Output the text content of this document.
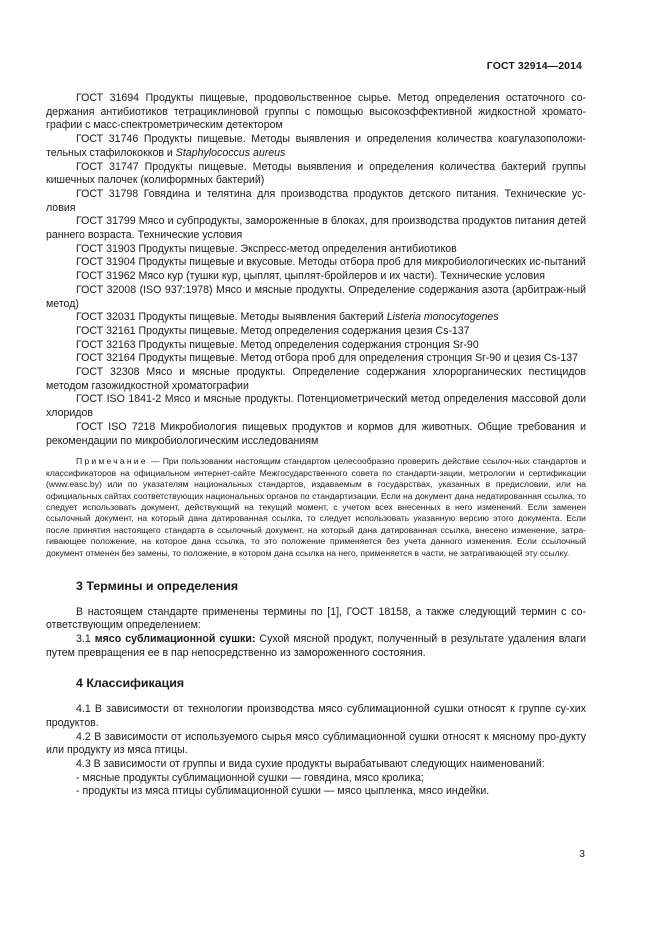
ГОСТ 32914—2014

ГОСТ 31694 Продукты пищевые, продовольственное сырье. Метод определения остаточного со-держания антибиотиков тетрациклиновой группы с помощью высокоэффективной жидкостной хромато-графии с масс-спектрометрическим детектором

ГОСТ 31746 Продукты пищевые. Методы выявления и определения количества коагулазоположи-тельных стафилококков и Staphylococcus aureus

ГОСТ 31747 Продукты пищевые. Методы выявления и определения количества бактерий группы кишечных палочек (колиформных бактерий)

ГОСТ 31798 Говядина и телятина для производства продуктов детского питания. Технические ус-ловия

ГОСТ 31799 Мясо и субпродукты, замороженные в блоках, для производства продуктов питания детей раннего возраста. Технические условия

ГОСТ 31903 Продукты пищевые. Экспресс-метод определения антибиотиков

ГОСТ 31904 Продукты пищевые и вкусовые. Методы отбора проб для микробиологических ис-пытаний

ГОСТ 31962 Мясо кур (тушки кур, цыплят, цыплят-бройлеров и их части). Технические условия

ГОСТ 32008 (ISO 937:1978) Мясо и мясные продукты. Определение содержания азота (арбитраж-ный метод)

ГОСТ 32031 Продукты пищевые. Методы выявления бактерий Listeria monocytogenes

ГОСТ 32161 Продукты пищевые. Метод определения содержания цезия Cs-137

ГОСТ 32163 Продукты пищевые. Метод определения содержания стронция Sr-90

ГОСТ 32164 Продукты пищевые. Метод отбора проб для определения стронция Sr-90 и цезия Cs-137

ГОСТ 32308 Мясо и мясные продукты. Определение содержания хлорорганических пестицидов методом газожидкостной хроматографии

ГОСТ ISO 1841-2 Мясо и мясные продукты. Потенциометрический метод определения массовой доли хлоридов

ГОСТ ISO 7218 Микробиология пищевых продуктов и кормов для животных. Общие требования и рекомендации по микробиологическим исследованиям

Примечание — При пользовании настоящим стандартом целесообразно проверить действие ссылоч-ных стандартов и классификаторов на официальном интернет-сайте Межгосударственного совета по стандарти-зации, метрологии и сертификации (www.easc.by) или по указателям национальных стандартов, издаваемым в государствах, указанных в предисловии, или на официальных сайтах соответствующих национальных органов по стандартизации. Если на документ дана недатированная ссылка, то следует использовать документ, действующий на текущий момент, с учетом всех внесенных в него изменений. Если заменен ссылочный документ, на который дана датированная ссылка, то следует использовать указанную версию этого документа. Если после принятия настоящего стандарта в ссылочный документ, на который дана датированная ссылка, внесено изменение, затра-гивающее положение, на которое дана ссылка, то это положение применяется без учета данного изменения. Если ссылочный документ отменен без замены, то положение, в котором дана ссылка на него, применяется в части, не затрагивающей эту ссылку.

3 Термины и определения

В настоящем стандарте применены термины по [1], ГОСТ 18158, а также следующий термин с со-ответствующим определением:

3.1 мясо сублимационной сушки: Сухой мясной продукт, полученный в результате удаления влаги путем превращения ее в пар непосредственно из замороженного состояния.

4 Классификация

4.1 В зависимости от технологии производства мясо сублимационной сушки относят к группе су-хих продуктов.

4.2 В зависимости от используемого сырья мясо сублимационной сушки относят к мясному про-дукту или продукту из мяса птицы.

4.3 В зависимости от группы и вида сухие продукты вырабатывают следующих наименований:

- мясные продукты сублимационной сушки — говядина, мясо кролика;

- продукты из мяса птицы сублимационной сушки — мясо цыпленка, мясо индейки.

3
